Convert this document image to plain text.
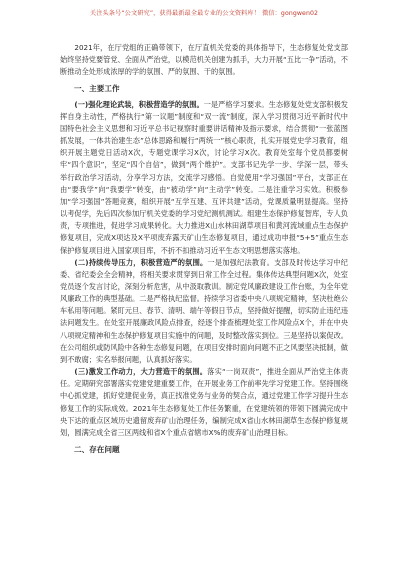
关注头条号“公文研究”，获得最新最全最专业的公文资料库！ 微信：gongwen02

2021年，在厅党组的正确带领下，在厅直机关党委的具体指导下，生态修复处党支部始终坚持党要管党、全面从严治党，以模范机关创建为抓手，大力开展“五比一争”活动，不断推动全处形成浓厚的学的氛围、严的氛围、干的氛围。

一、主要工作

(一)强化理论武装，积极营造学的氛围。一是严格学习要求。生态修复处党支部积极发挥自身主动性，严格执行“第一议题”制度和“双一流”制度，深入学习贯彻习近平新时代中国特色社会主义思想和习近平总书记视察时重要讲话精神及指示要求，结合贯彻“一张蓝图抓发展，一体共治建生态”总体思路和履行“两统一”核心职责，扎实开展党史学习教育，组织开展主题党日活动X次，专题党课学习X次，讨论学习X次。教育处室每个党员都要树牢“四个意识”，坚定“四个自信”，做到“两个维护”。支部书记先学一步、学深一层，带头举行政治学习活动，分享学习方法，交流学习感悟。自觉使用“学习强国”平台，支部正在由“要我学”向“我要学”转变，由“被动学”向“主动学”转变。二是注重学习实效。积极参加“学习强国”答题竞赛，组织开展“互学互建、互评共建”活动，党课质量明显提高。坚持以考促学，先后四次参加厅机关党委的学习党纪测机测试。组建生态保护修复智库，专人负责，专项推进，促进学习成果转化。大力推进X山水林田湖草项目和黄河流域重点生态保护修复项目，完成X项达及X平项废弃露天矿山生态修复项目，通过成功申报“5+5”重点生态保护修复项目进入国家项目库，不折不扣推动习近平生态文明思想落实落地。

(二)持续传导压力，积极营造严的氛围。一是加强纪法教育。支部及时传达学习中纪委、省纪委会全会精神，将相关要求贯穿到日常工作全过程。集体传达典型问题X次，处室党员逐个发言讨论，深刻分析危害，从中汲取教训。制定党风廉政建设工作台账，为全年党风廉政工作的典型基础。二是严格执纪监督。持续学习省委中央八项规定精神，坚决杜绝公车私用等问题。紧盯元旦、春节、清明、端午等假日节点，坚持做好提醒，切实防止违纪违法问题发生。在处室开展廉政风险点排查，经逐个排查梳理处室工作风险点X个，并在中央八项规定精神和生态保护修复项目实施中的问题，及时整改落实到位。三是坚持以案促改。在公司组织或防风险中各种生态修复问题，在项目安排时面向问题不正之风要坚决抵制，做到不敢腐；实名举报问题，认真抓好落实。

(三)激发工作动力，大力营造干的氛围。落实“一岗双责”，推进全面从严治党主体责任。定期研究部署落实党建党建重要工作，在开展业务工作前率先学习党建工作。坚持围绕中心抓党建，抓好党建促业务，真正找准党务与业务的契合点，通过党建工作学习提升生态修复工作的实际成效。2021年生态修复处工作任务繁重，在党建统领的带领下圆满完成中央下达的重点区域历史遗留废弃矿山治理任务，编制完成X省山水林田湖草生态保护修复规划，圆满完成全省三区两线和省X个重点省辖市X%的废弃矿山治理目标。

二、存在问题
